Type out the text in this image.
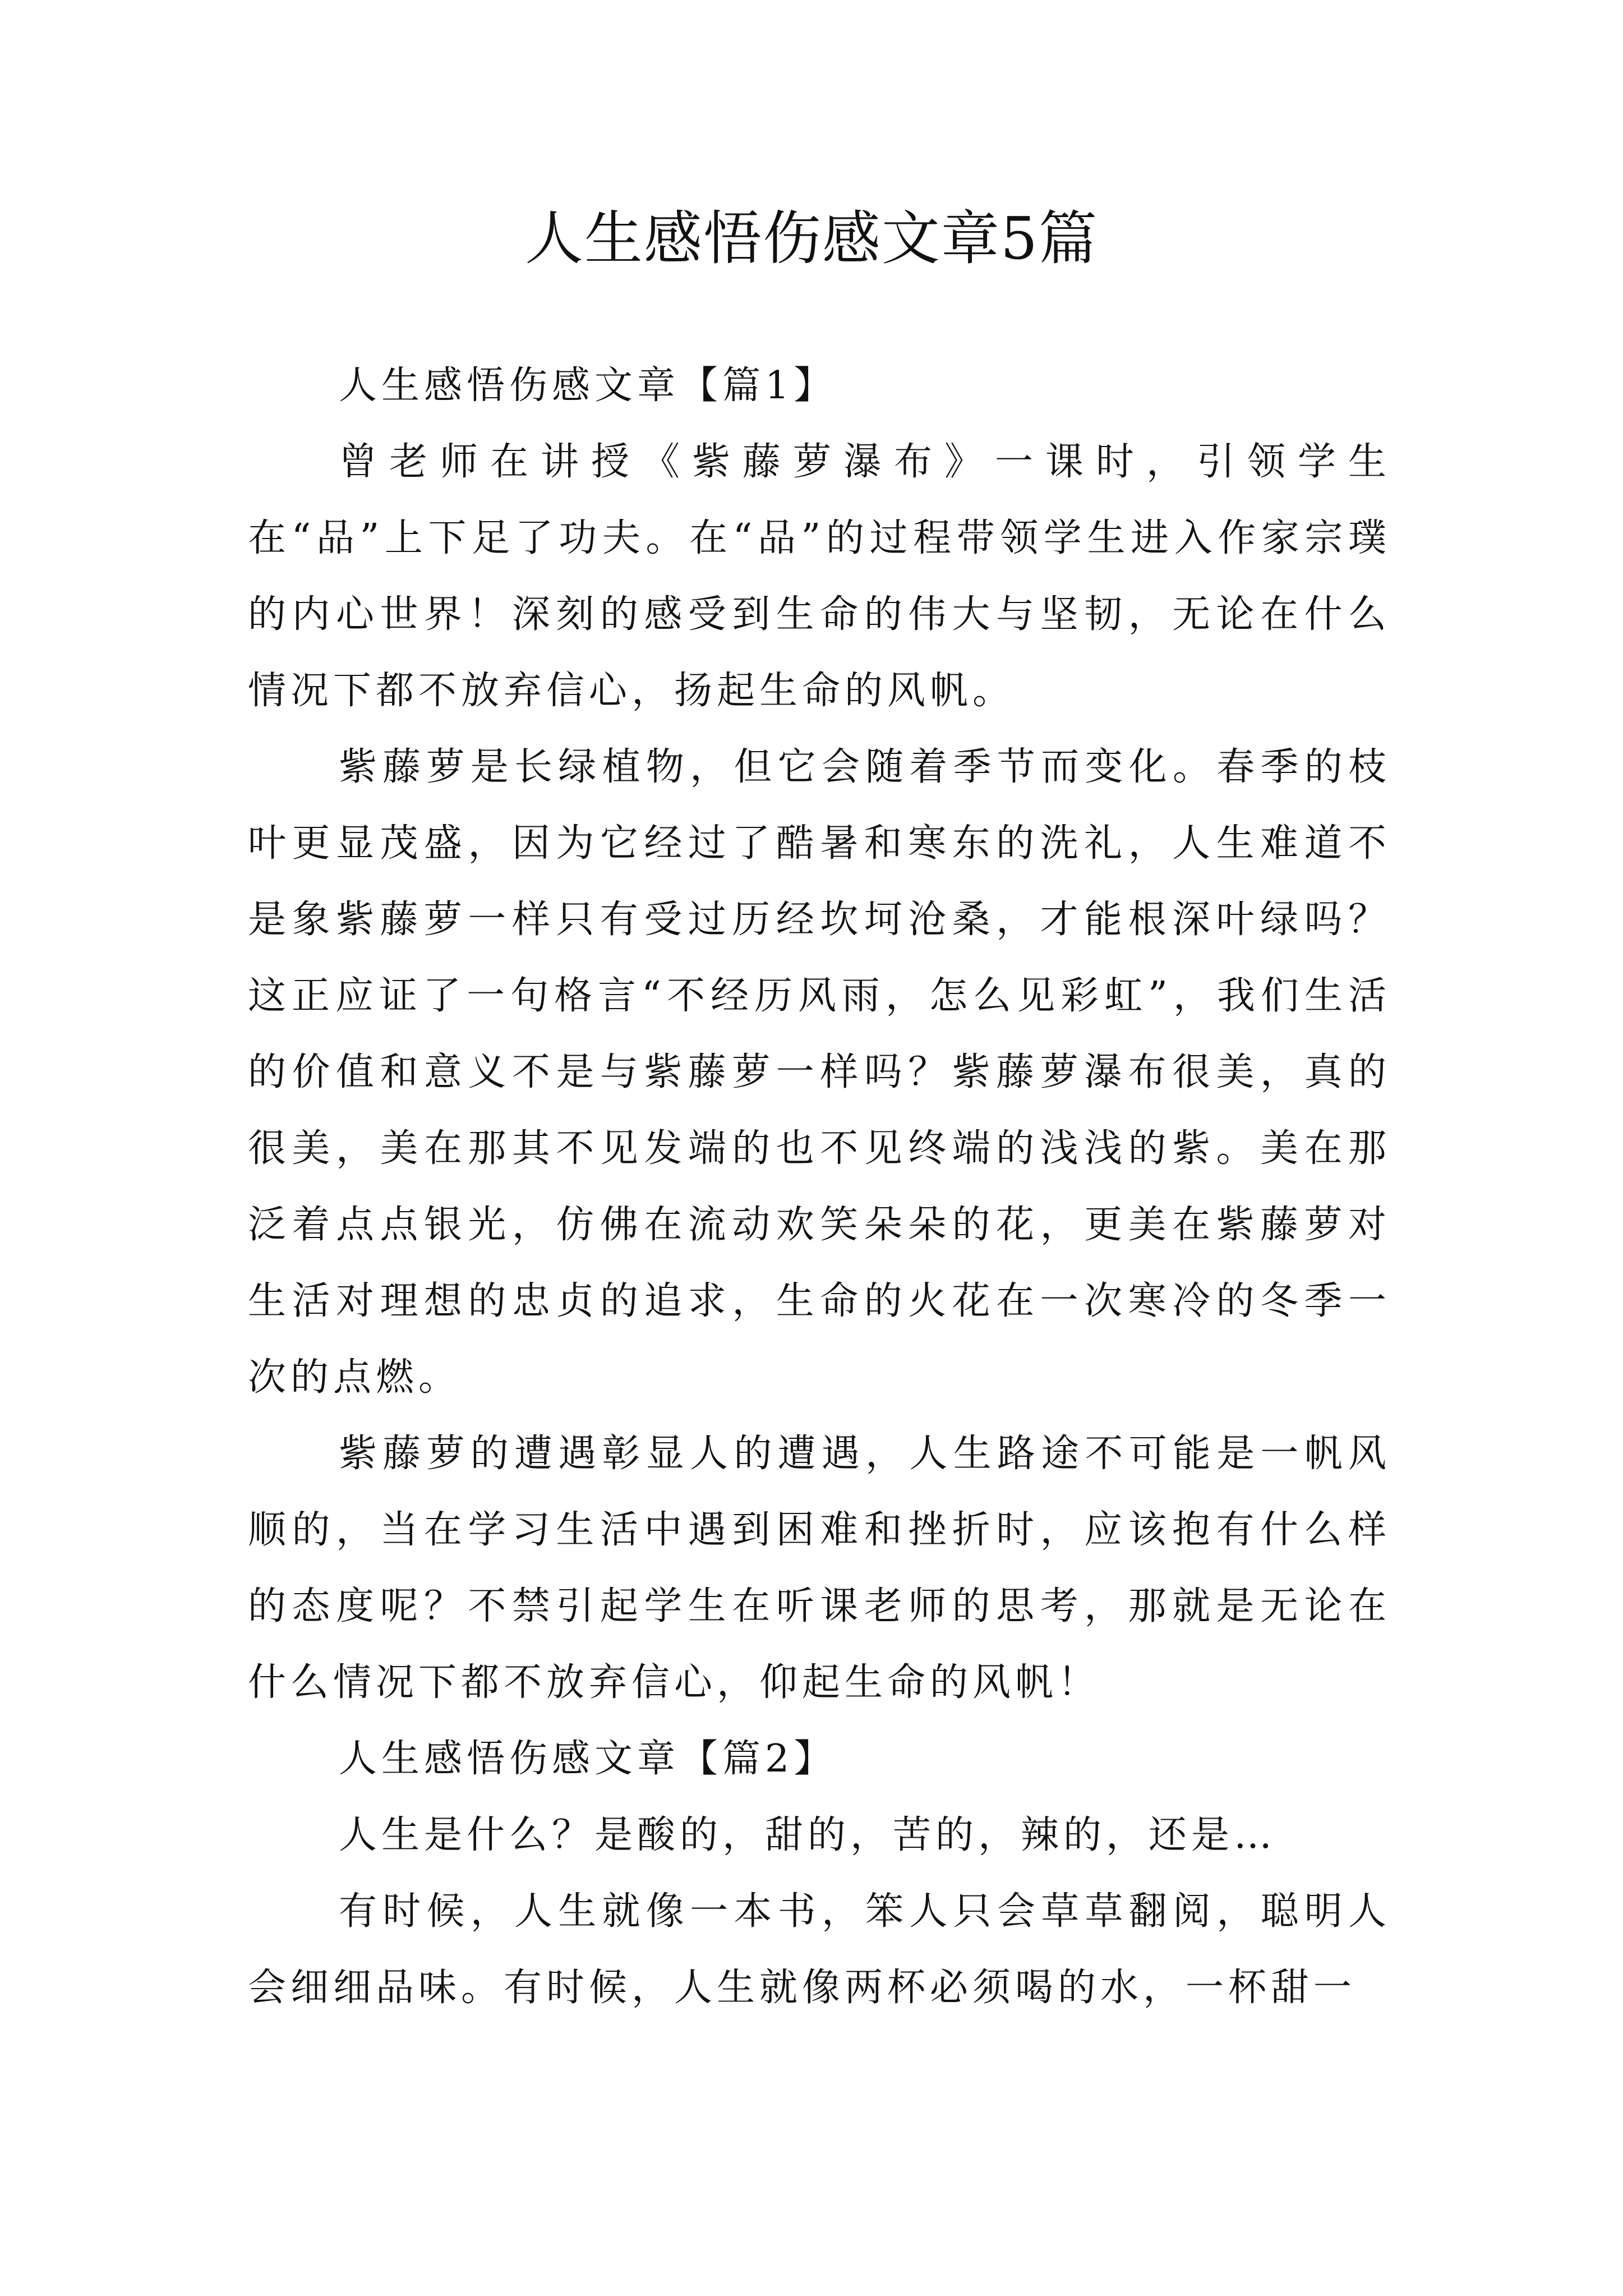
人生感悟伤感文章5篇

人生感悟伤感文章【篇1】

曾老师在讲授《紫藤萝瀑布》一课时，引领学生在“品”上下足了功夫。在“品”的过程带领学生进入作家宗璞的内心世界！深刻的感受到生命的伟大与坚韧，无论在什么情况下都不放弃信心，扬起生命的风帆。

紫藤萝是长绿植物，但它会随着季节而变化。春季的枝叶更显茂盛，因为它经过了酷暑和寒东的洗礼，人生难道不是象紫藤萝一样只有受过历经坎坷沧桑，才能根深叶绿吗？这正应证了一句格言“不经历风雨，怎么见彩虹”，我们生活的价值和意义不是与紫藤萝一样吗？紫藤萝瀑布很美，真的很美，美在那其不见发端的也不见终端的浅浅的紫。美在那泛着点点银光，仿佛在流动欢笑朵朵的花，更美在紫藤萝对生活对理想的忠贞的追求，生命的火花在一次寒冷的冬季一次的点燃。

紫藤萝的遭遇彰显人的遭遇，人生路途不可能是一帆风顺的，当在学习生活中遇到困难和挫折时，应该抱有什么样的态度呢？不禁引起学生在听课老师的思考，那就是无论在什么情况下都不放弃信心，仰起生命的风帆！

人生感悟伤感文章【篇2】

人生是什么？是酸的，甜的，苦的，辣的，还是…

有时候，人生就像一本书，笨人只会草草翻阅，聪明人会细细品味。有时候，人生就像两杯必须喝的水，一杯甜一
